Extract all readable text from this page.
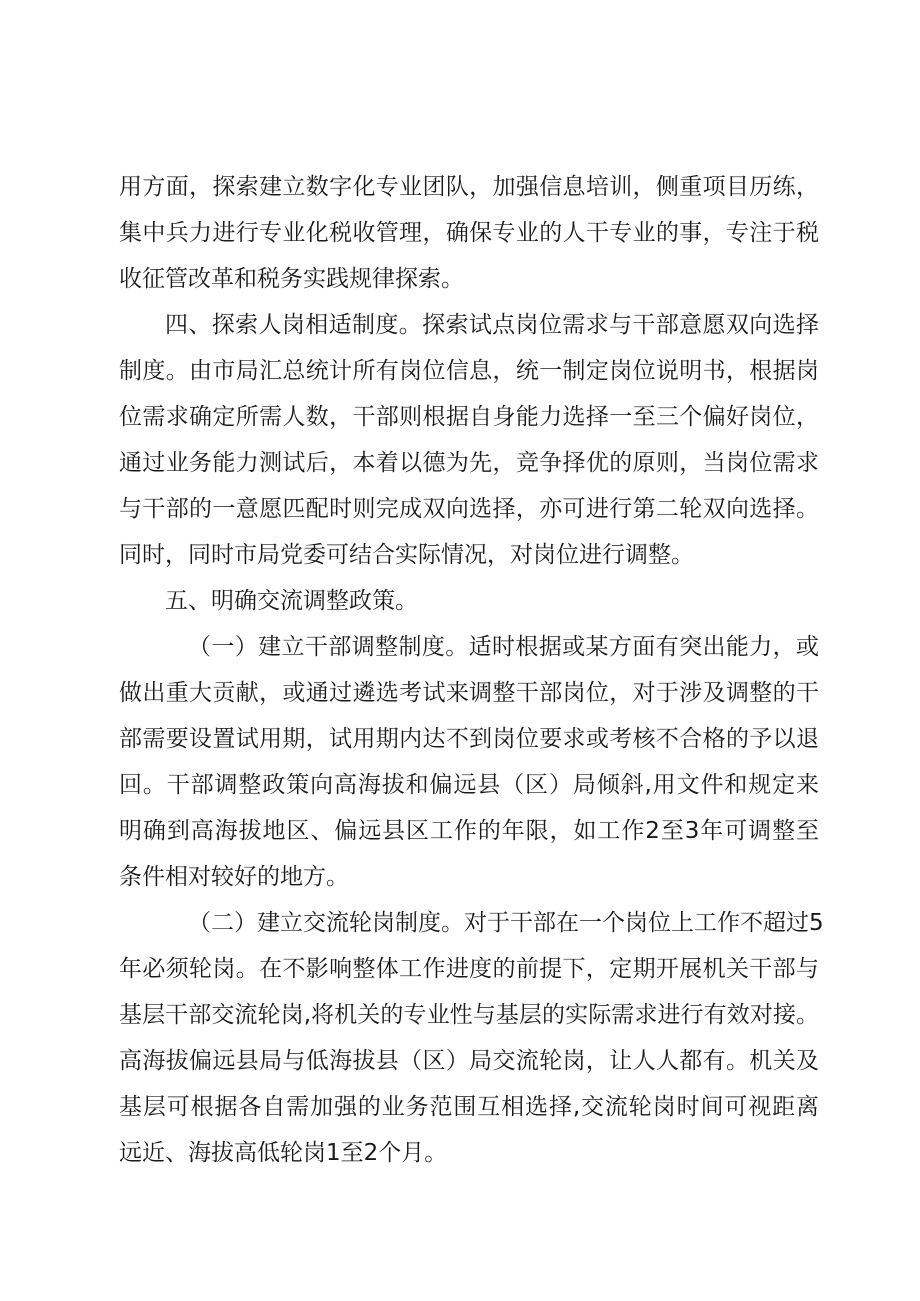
用方面，探索建立数字化专业团队，加强信息培训，侧重项目历练，
集中兵力进行专业化税收管理，确保专业的人干专业的事，专注于税
收征管改革和税务实践规律探索。
四、探索人岗相适制度。探索试点岗位需求与干部意愿双向选择
制度。由市局汇总统计所有岗位信息，统一制定岗位说明书，根据岗
位需求确定所需人数，干部则根据自身能力选择一至三个偏好岗位，
通过业务能力测试后，本着以德为先，竞争择优的原则，当岗位需求
与干部的一意愿匹配时则完成双向选择，亦可进行第二轮双向选择。
同时，同时市局党委可结合实际情况，对岗位进行调整。
五、明确交流调整政策。
（一）建立干部调整制度。适时根据或某方面有突出能力，或
做出重大贡献，或通过遴选考试来调整干部岗位，对于涉及调整的干
部需要设置试用期，试用期内达不到岗位要求或考核不合格的予以退
回。干部调整政策向高海拔和偏远县（区）局倾斜,用文件和规定来
明确到高海拔地区、偏远县区工作的年限，如工作2至3年可调整至
条件相对较好的地方。
（二）建立交流轮岗制度。对于干部在一个岗位上工作不超过5
年必须轮岗。在不影响整体工作进度的前提下，定期开展机关干部与
基层干部交流轮岗,将机关的专业性与基层的实际需求进行有效对接。
高海拔偏远县局与低海拔县（区）局交流轮岗，让人人都有。机关及
基层可根据各自需加强的业务范围互相选择,交流轮岗时间可视距离
远近、海拔高低轮岗1至2个月。
